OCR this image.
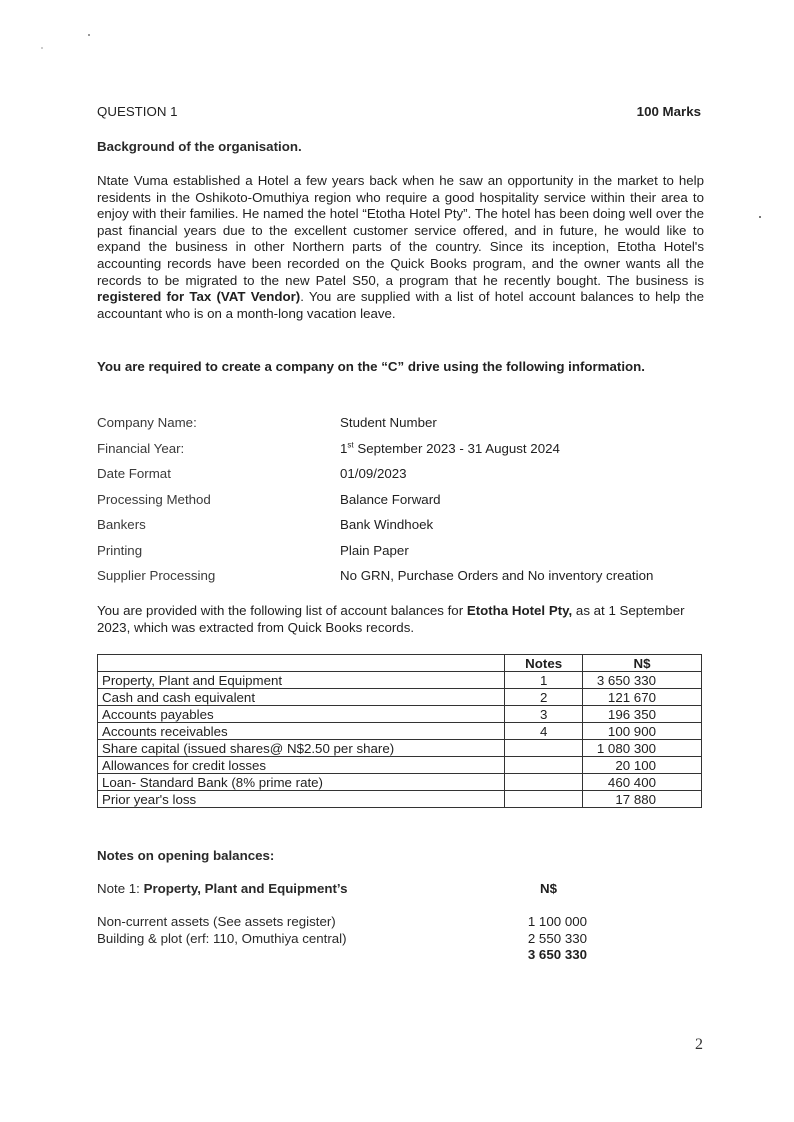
QUESTION 1	100 Marks
Background of the organisation.

Ntate Vuma established a Hotel a few years back when he saw an opportunity in the market to help residents in the Oshikoto-Omuthiya region who require a good hospitality service within their area to enjoy with their families. He named the hotel “Etotha Hotel Pty”. The hotel has been doing well over the past financial years due to the excellent customer service offered, and in future, he would like to expand the business in other Northern parts of the country. Since its inception, Etotha Hotel's accounting records have been recorded on the Quick Books program, and the owner wants all the records to be migrated to the new Patel S50, a program that he recently bought. The business is registered for Tax (VAT Vendor). You are supplied with a list of hotel account balances to help the accountant who is on a month-long vacation leave.

You are required to create a company on the “C” drive using the following information.
Company Name:	Student Number
Financial Year:	1st September 2023 - 31 August 2024
Date Format	01/09/2023
Processing Method	Balance Forward
Bankers	Bank Windhoek
Printing	Plain Paper
Supplier Processing	No GRN, Purchase Orders and No inventory creation

You are provided with the following list of account balances for Etotha Hotel Pty, as at 1 September 2023, which was extracted from Quick Books records.

	Notes	N$
Property, Plant and Equipment	1	3 650 330
Cash and cash equivalent	2	121 670
Accounts payables	3	196 350
Accounts receivables	4	100 900
Share capital (issued shares@ N$2.50 per share)		1 080 300
Allowances for credit losses		20 100
Loan- Standard Bank (8% prime rate)		460 400
Prior year's loss		17 880
Notes on opening balances:
Note 1: Property, Plant and Equipment’s	N$
Non-current assets (See assets register)	1 100 000
Building & plot (erf: 110, Omuthiya central)	2 550 330
3 650 330
2
